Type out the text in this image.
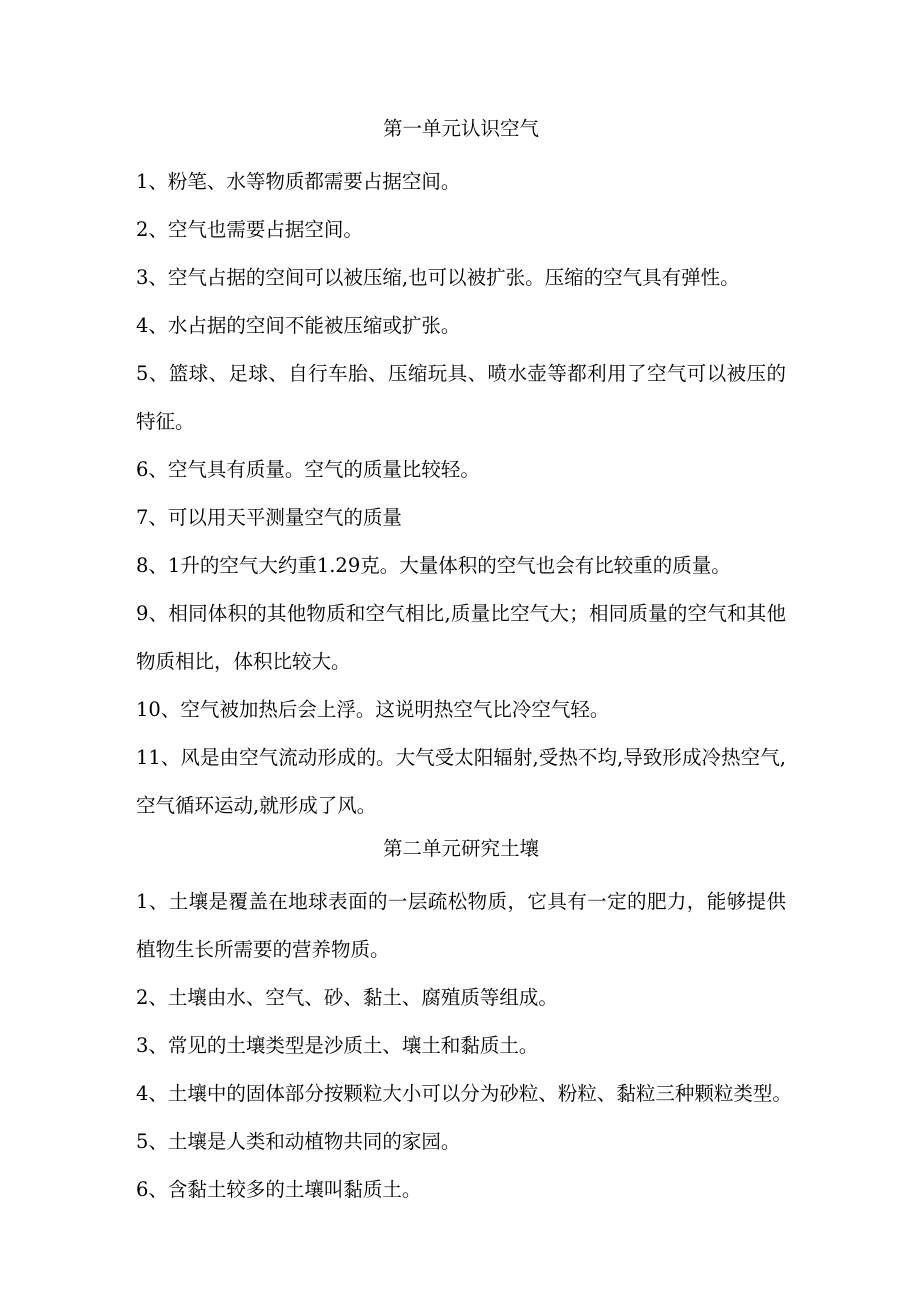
第一单元认识空气

1、粉笔、水等物质都需要占据空间。

2、空气也需要占据空间。

3、空气占据的空间可以被压缩,也可以被扩张。压缩的空气具有弹性。

4、水占据的空间不能被压缩或扩张。

5、篮球、足球、自行车胎、压缩玩具、喷水壶等都利用了空气可以被压的特征。

6、空气具有质量。空气的质量比较轻。

7、可以用天平测量空气的质量

8、1升的空气大约重1.29克。大量体积的空气也会有比较重的质量。

9、相同体积的其他物质和空气相比,质量比空气大；相同质量的空气和其他物质相比，体积比较大。

10、空气被加热后会上浮。这说明热空气比冷空气轻。

11、风是由空气流动形成的。大气受太阳辐射,受热不均,导致形成冷热空气,空气循环运动,就形成了风。

第二单元研究土壤

1、土壤是覆盖在地球表面的一层疏松物质，它具有一定的肥力，能够提供植物生长所需要的营养物质。

2、土壤由水、空气、砂、黏土、腐殖质等组成。

3、常见的土壤类型是沙质土、壤土和黏质土。

4、土壤中的固体部分按颗粒大小可以分为砂粒、粉粒、黏粒三种颗粒类型。

5、土壤是人类和动植物共同的家园。

6、含黏土较多的土壤叫黏质土。
